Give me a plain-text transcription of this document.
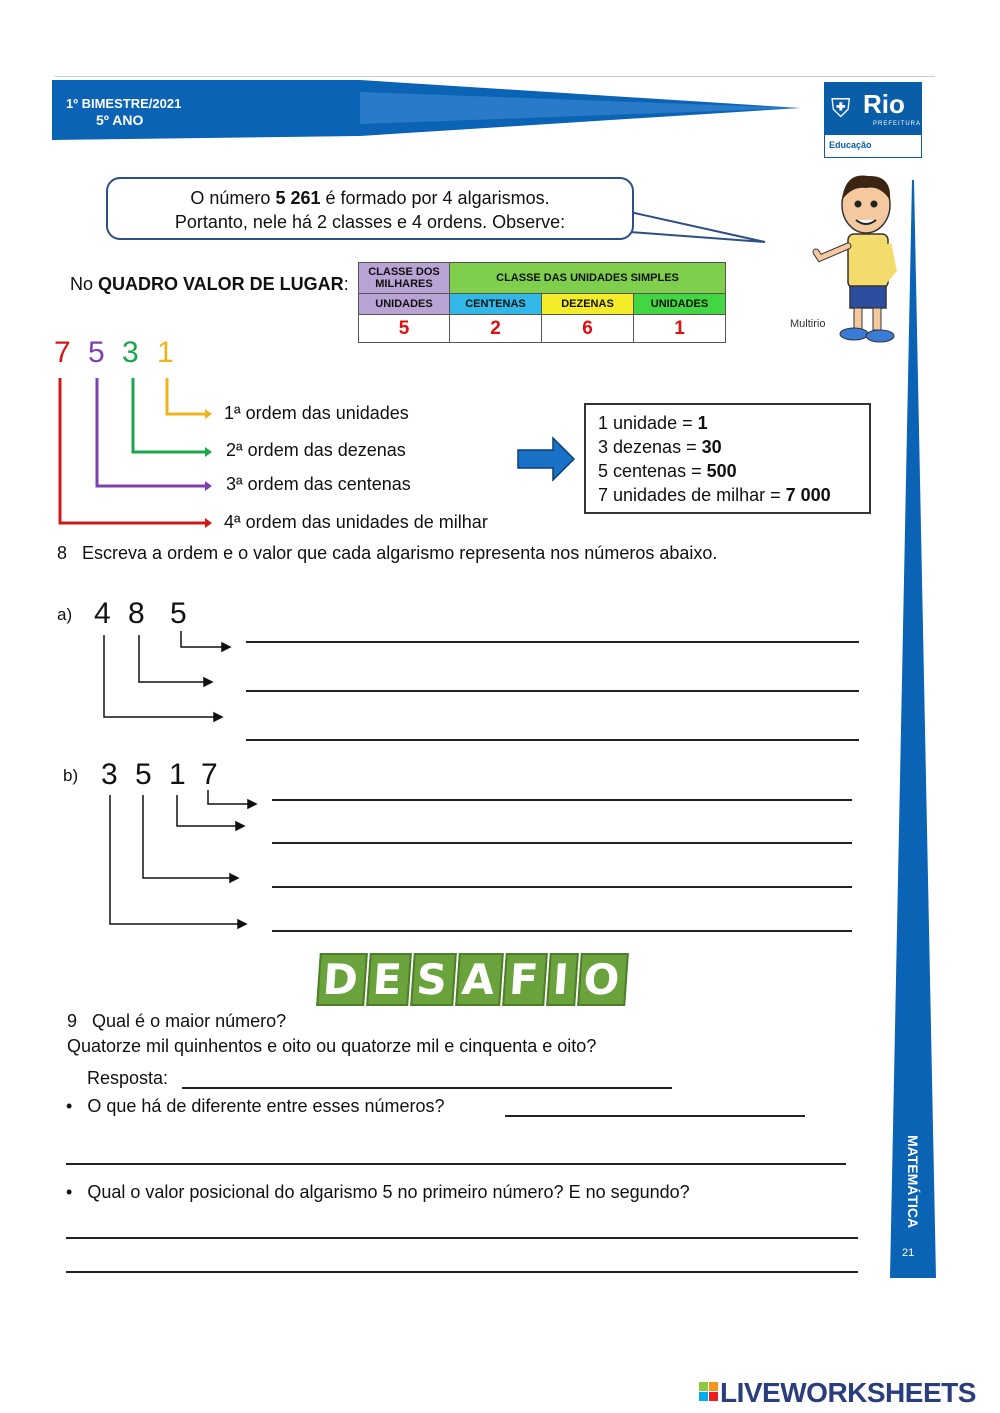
1º BIMESTRE/2021
5º ANO	⛨ Rio
PREFEITURA
Educação
O número 5 261 é formado por 4 algarismos.
Portanto, nele há 2 classes e 4 ordens. Observe:
Multirio
No QUADRO VALOR DE LUGAR:
CLASSE DOS MILHARES	CLASSE DAS UNIDADES SIMPLES		
UNIDADES	CENTENAS	DEZENAS	UNIDADES
5	2	6	1
7 5 3 1
1ª ordem das unidades
2ª ordem das dezenas
3ª ordem das centenas
4ª ordem das unidades de milhar
1 unidade = 1
3 dezenas = 30
5 centenas = 500
7 unidades de milhar = 7 000
8 Escreva a ordem e o valor que cada algarismo representa nos números abaixo.
a) 4 8 5
b) 3 5 1 7
D E S A F I O
9 Qual é o maior número?
Quatorze mil quinhentos e oito ou quatorze mil e cinquenta e oito?
Resposta:
• O que há de diferente entre esses números?
• Qual o valor posicional do algarismo 5 no primeiro número? E no segundo?	MATEMÁTICA
21
LIVEWORKSHEETS
